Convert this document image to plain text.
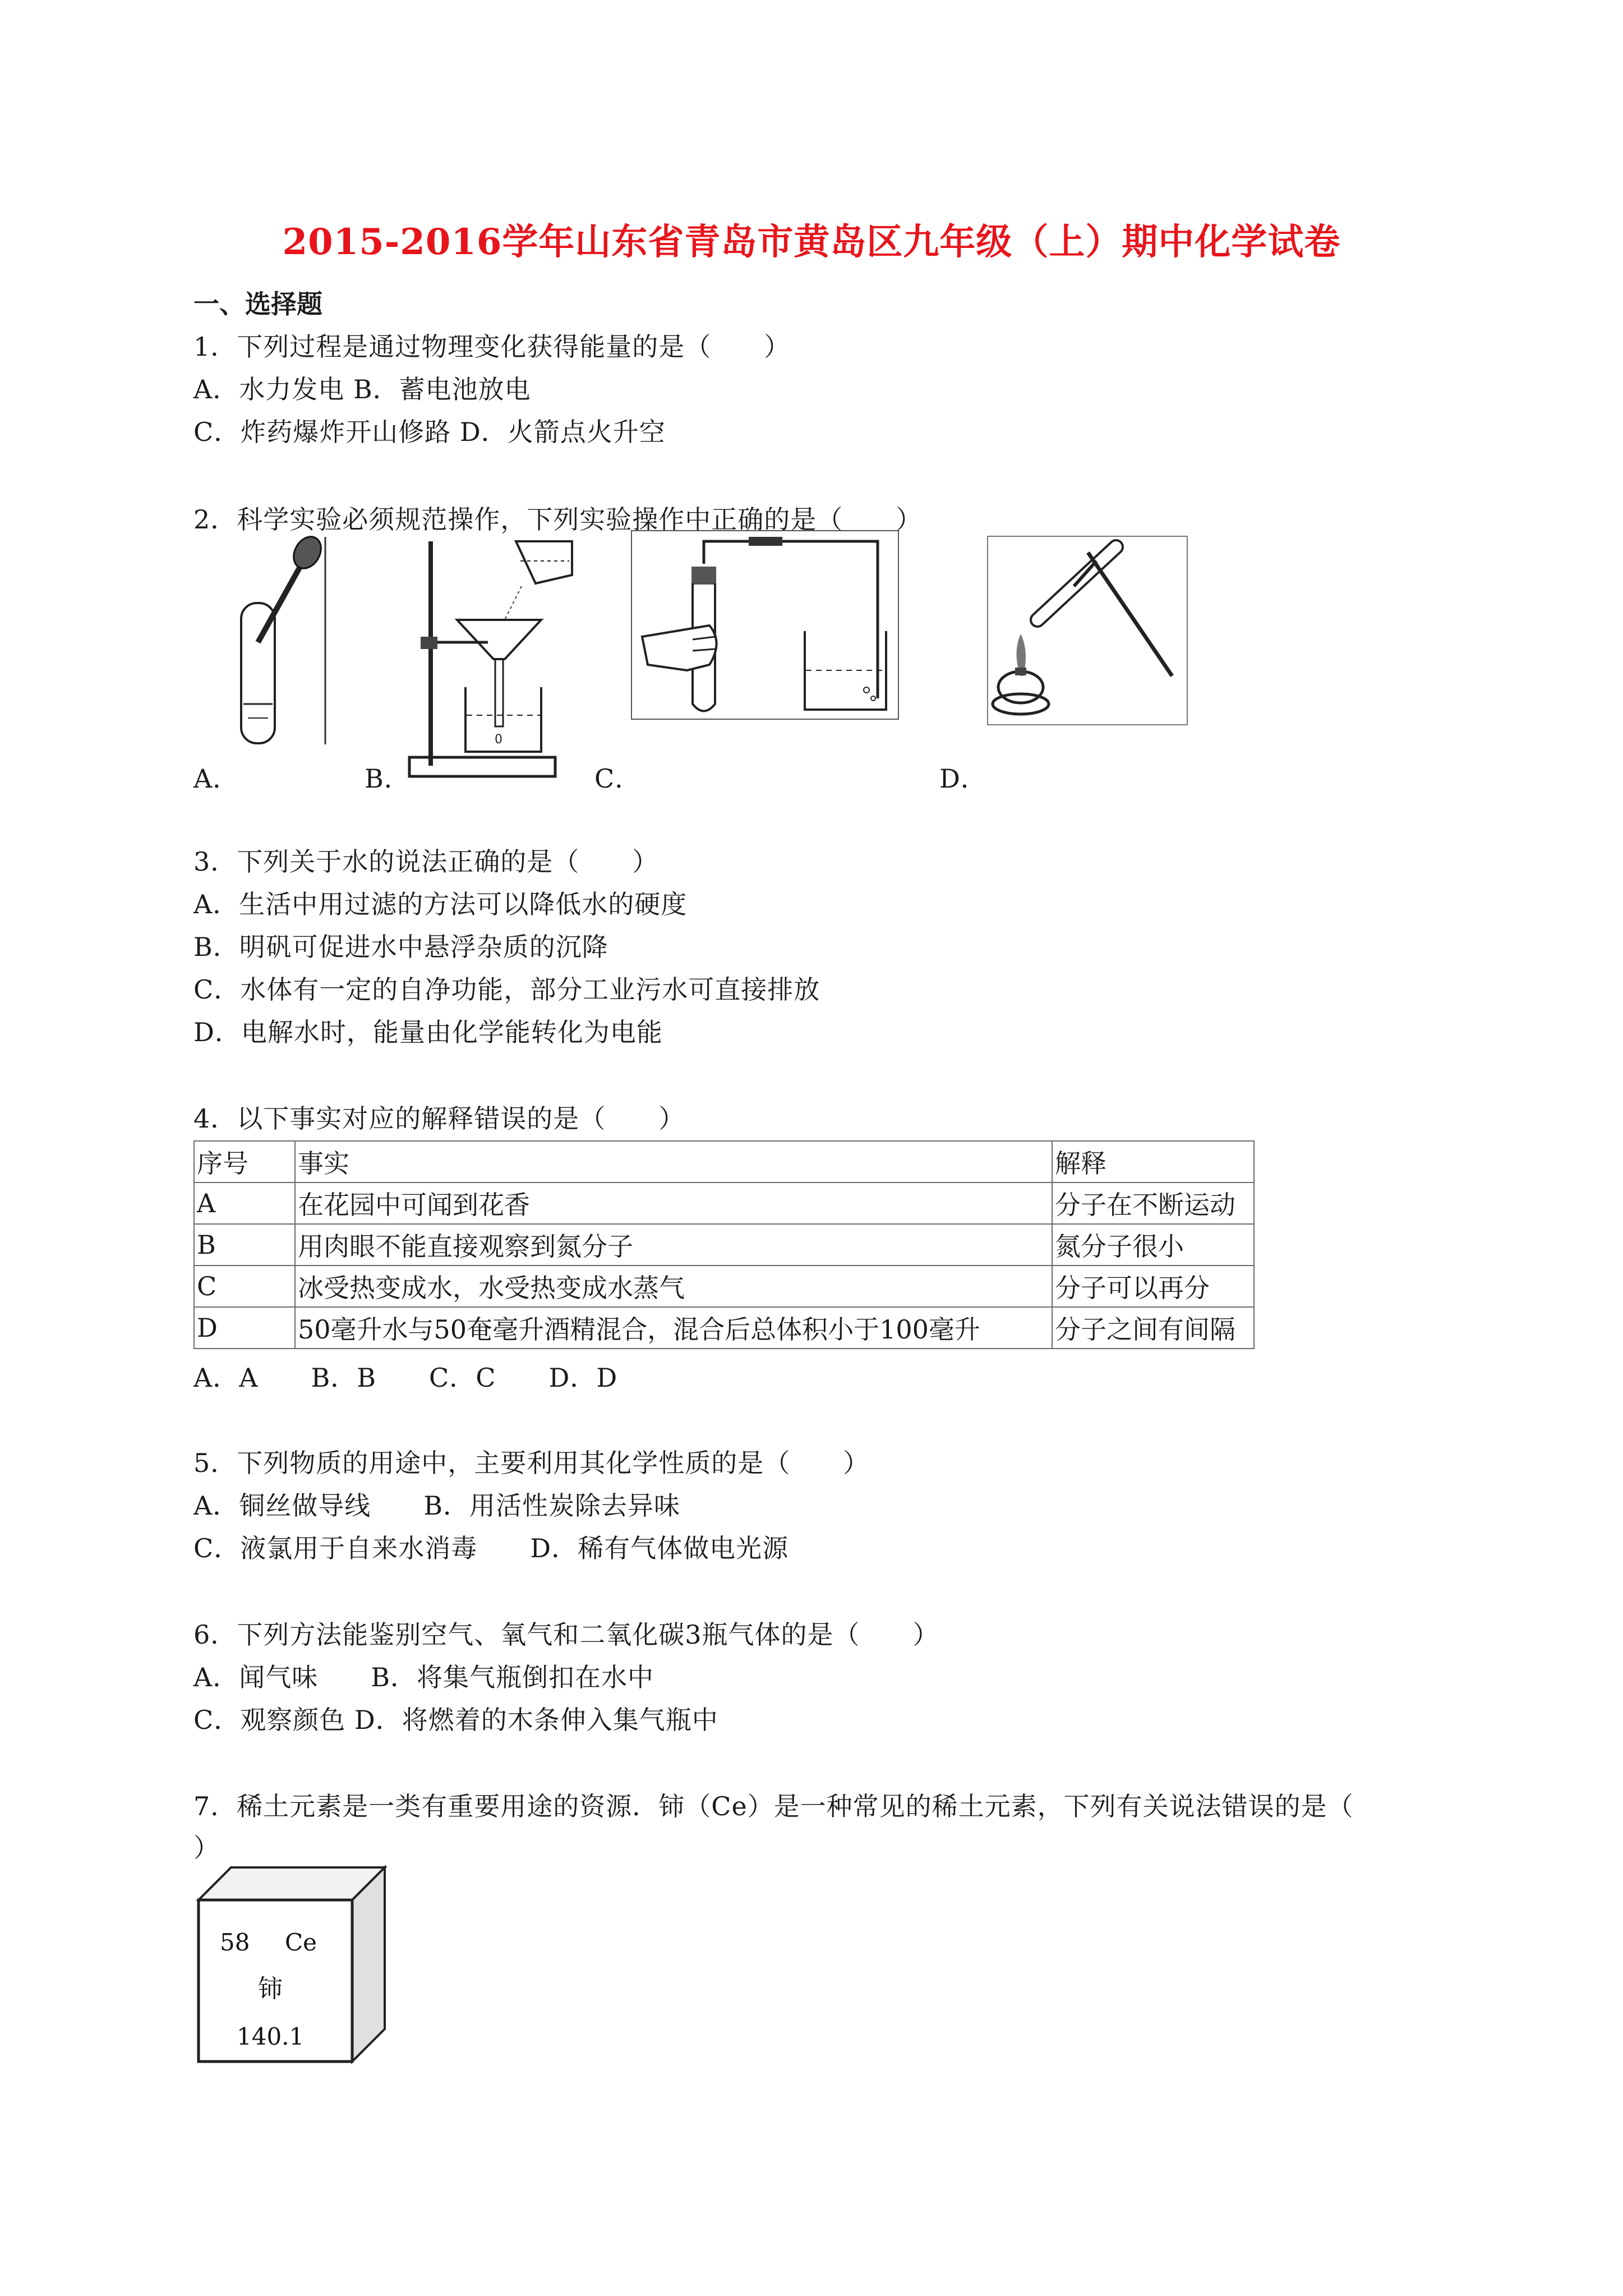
2015-2016学年山东省青岛市黄岛区九年级（上）期中化学试卷
一、选择题
1．下列过程是通过物理变化获得能量的是（　　）
A．水力发电 B．蓄电池放电
C．炸药爆炸开山修路 D．火箭点火升空
2．科学实验必须规范操作，下列实验操作中正确的是（　　）
0
A．	B．	C．	D．
3．下列关于水的说法正确的是（　　）
A．生活中用过滤的方法可以降低水的硬度
B．明矾可促进水中悬浮杂质的沉降
C．水体有一定的自净功能，部分工业污水可直接排放
D．电解水时，能量由化学能转化为电能
4．以下事实对应的解释错误的是（　　）
序号	事实	解释
A	在花园中可闻到花香	分子在不断运动
B	用肉眼不能直接观察到氮分子	氮分子很小
C	冰受热变成水，水受热变成水蒸气	分子可以再分
D	50毫升水与50奄毫升酒精混合，混合后总体积小于100毫升	分子之间有间隔
A．A　　B．B　　C．C　　D．D
5．下列物质的用途中，主要利用其化学性质的是（　　）
A．铜丝做导线　　B．用活性炭除去异味
C．液氯用于自来水消毒　　D．稀有气体做电光源
6．下列方法能鉴别空气、氧气和二氧化碳3瓶气体的是（　　）
A．闻气味　　B．将集气瓶倒扣在水中
C．观察颜色 D．将燃着的木条伸入集气瓶中
7．稀土元素是一类有重要用途的资源．铈（Ce）是一种常见的稀土元素，下列有关说法错误的是（
）
58 Ce
铈
140.1
